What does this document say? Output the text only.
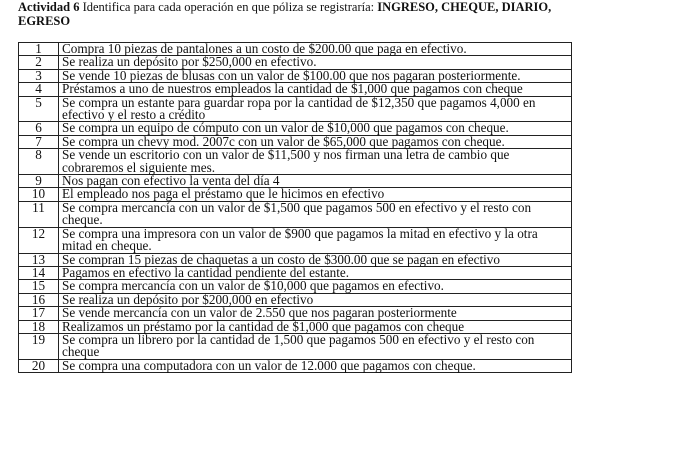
Actividad 6 Identifica para cada operación en que póliza se registraría: INGRESO, CHEQUE, DIARIO,
EGRESO
1	Compra 10 piezas de pantalones a un costo de $200.00 que paga en efectivo.
2	Se realiza un depósito por $250,000 en efectivo.
3	Se vende 10 piezas de blusas con un valor de $100.00 que nos pagaran posteriormente.
4	Préstamos a uno de nuestros empleados la cantidad de $1,000 que pagamos con cheque
5	Se compra un estante para guardar ropa por la cantidad de $12,350 que pagamos 4,000 en efectivo y el resto a crédito
6	Se compra un equipo de cómputo con un valor de $10,000 que pagamos con cheque.
7	Se compra un chevy mod. 2007c con un valor de $65,000 que pagamos con cheque.
8	Se vende un escritorio con un valor de $11,500 y nos firman una letra de cambio que cobraremos el siguiente mes.
9	Nos pagan con efectivo la venta del día 4
10	El empleado nos paga el préstamo que le hicimos en efectivo
11	Se compra mercancía con un valor de $1,500 que pagamos 500 en efectivo y el resto con cheque.
12	Se compra una impresora con un valor de $900 que pagamos la mitad en efectivo y la otra mitad en cheque.
13	Se compran 15 piezas de chaquetas a un costo de $300.00 que se pagan en efectivo
14	Pagamos en efectivo la cantidad pendiente del estante.
15	Se compra mercancía con un valor de $10,000 que pagamos en efectivo.
16	Se realiza un depósito por $200,000 en efectivo
17	Se vende mercancía con un valor de 2.550 que nos pagaran posteriormente
18	Realizamos un préstamo por la cantidad de $1,000 que pagamos con cheque
19	Se compra un librero por la cantidad de 1,500 que pagamos 500 en efectivo y el resto con cheque
20	Se compra una computadora con un valor de 12.000 que pagamos con cheque.
